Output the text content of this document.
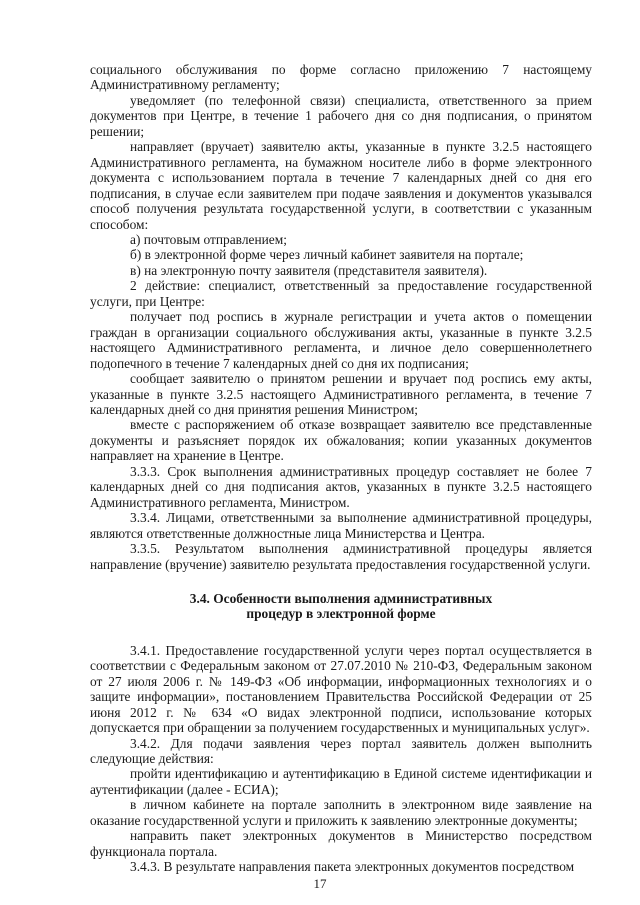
социального обслуживания по форме согласно приложению 7 настоящему Административному регламенту;

уведомляет (по телефонной связи) специалиста, ответственного за прием документов при Центре, в течение 1 рабочего дня со дня подписания, о принятом решении;

направляет (вручает) заявителю акты, указанные в пункте 3.2.5 настоящего Административного регламента, на бумажном носителе либо в форме электронного документа с использованием портала в течение 7 календарных дней со дня его подписания, в случае если заявителем при подаче заявления и документов указывался способ получения результата государственной услуги, в соответствии с указанным способом:

а) почтовым отправлением;

б) в электронной форме через личный кабинет заявителя на портале;

в) на электронную почту заявителя (представителя заявителя).

2 действие: специалист, ответственный за предоставление государственной услуги, при Центре:

получает под роспись в журнале регистрации и учета актов о помещении граждан в организации социального обслуживания акты, указанные в пункте 3.2.5 настоящего Административного регламента, и личное дело совершеннолетнего подопечного в течение 7 календарных дней со дня их подписания;

сообщает заявителю о принятом решении и вручает под роспись ему акты, указанные в пункте 3.2.5 настоящего Административного регламента, в течение 7 календарных дней со дня принятия решения Министром;

вместе с распоряжением об отказе возвращает заявителю все представленные документы и разъясняет порядок их обжалования; копии указанных документов направляет на хранение в Центре.

3.3.3. Срок выполнения административных процедур составляет не более 7 календарных дней со дня подписания актов, указанных в пункте 3.2.5 настоящего Административного регламента, Министром.

3.3.4. Лицами, ответственными за выполнение административной процедуры, являются ответственные должностные лица Министерства и Центра.

3.3.5. Результатом выполнения административной процедуры является направление (вручение) заявителю результата предоставления государственной услуги.

3.4. Особенности выполнения административных
процедур в электронной форме

3.4.1. Предоставление государственной услуги через портал осуществляется в соответствии с Федеральным законом от 27.07.2010 № 210-ФЗ, Федеральным законом от 27 июля 2006 г. № 149-ФЗ «Об информации, информационных технологиях и о защите информации», постановлением Правительства Российской Федерации от 25 июня 2012 г. № 634 «О видах электронной подписи, использование которых допускается при обращении за получением государственных и муниципальных услуг».

3.4.2. Для подачи заявления через портал заявитель должен выполнить следующие действия:

пройти идентификацию и аутентификацию в Единой системе идентификации и аутентификации (далее - ЕСИА);

в личном кабинете на портале заполнить в электронном виде заявление на оказание государственной услуги и приложить к заявлению электронные документы;

направить пакет электронных документов в Министерство посредством функционала портала.

3.4.3. В результате направления пакета электронных документов посредством

17
